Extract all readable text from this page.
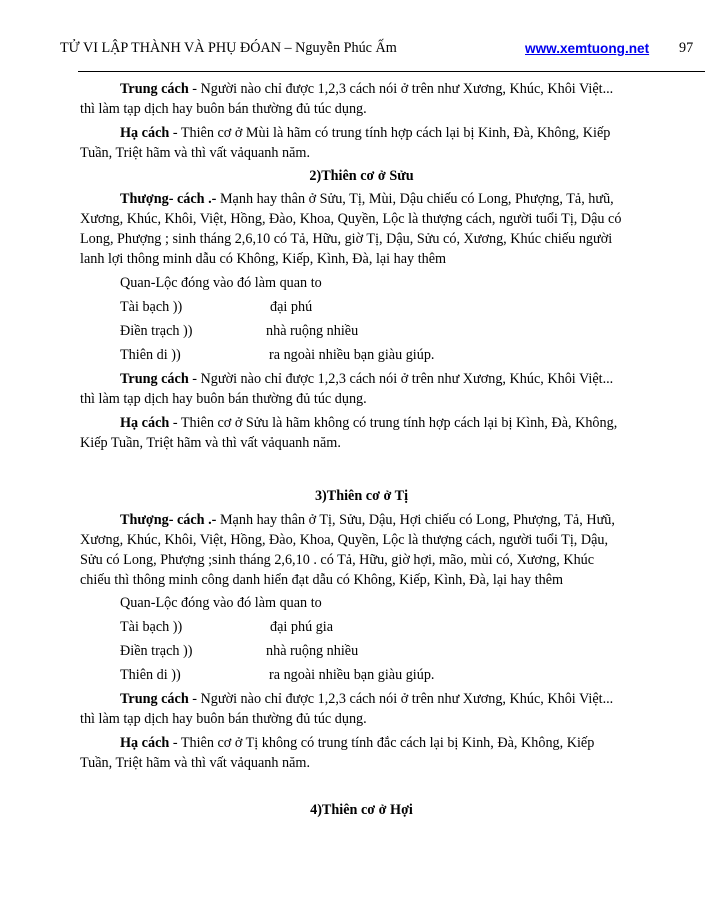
TỬ VI LẬP THÀNH VÀ PHỤ ĐÓAN – Nguyễn Phúc Ấm	www.xemtuong.net 97
Trung cách - Người nào chỉ được 1,2,3 cách nói ở trên như Xương, Khúc, Khôi Việt...
thì làm tạp dịch hay buôn bán thường đủ túc dụng.
Hạ cách - Thiên cơ ở Mùi là hãm có trung tính hợp cách lại bị Kinh, Đà, Không, Kiếp
Tuần, Triệt hãm và thì vất vảquanh năm.
2)Thiên cơ ở Sửu
Thượng- cách .- Mạnh hay thân ở Sửu, Tị, Mùi, Dậu chiếu có Long, Phượng, Tả, hưũ,
Xương, Khúc, Khôi, Việt, Hồng, Đào, Khoa, Quyền, Lộc là thượng cách, người tuổi Tị, Dậu có
Long, Phượng ; sinh tháng 2,6,10 có Tả, Hữu, giờ Tị, Dậu, Sửu có, Xương, Khúc chiếu người
lanh lợi thông minh dẫu có Không, Kiếp, Kình, Đà, lại hay thêm
Quan-Lộc đóng vào đó làm quan to
Tài bạch ))	đại phú
Điền trạch ))	nhà ruộng nhiều
Thiên di ))	ra ngoài nhiều bạn giàu giúp.
Trung cách - Người nào chỉ được 1,2,3 cách nói ở trên như Xương, Khúc, Khôi Việt...
thì làm tạp dịch hay buôn bán thường đủ túc dụng.
Hạ cách - Thiên cơ ở Sửu là hãm không có trung tính hợp cách lại bị Kình, Đà, Không,
Kiếp Tuần, Triệt hãm và thì vất vảquanh năm.
3)Thiên cơ ở Tị
Thượng- cách .- Mạnh hay thân ở Tị, Sửu, Dậu, Hợi chiếu có Long, Phượng, Tả, Hưũ,
Xương, Khúc, Khôi, Việt, Hồng, Đào, Khoa, Quyền, Lộc là thượng cách, người tuổi Tị, Dậu,
Sửu có Long, Phượng ;sinh tháng 2,6,10 . có Tả, Hữu, giờ hợi, mão, mùi có, Xương, Khúc
chiếu thì thông minh công danh hiển đạt dẫu có Không, Kiếp, Kình, Đà, lại hay thêm
Quan-Lộc đóng vào đó làm quan to
Tài bạch ))	đại phú gia
Điền trạch ))	nhà ruộng nhiều
Thiên di ))	ra ngoài nhiều bạn giàu giúp.
Trung cách - Người nào chỉ được 1,2,3 cách nói ở trên như Xương, Khúc, Khôi Việt...
thì làm tạp dịch hay buôn bán thường đủ túc dụng.
Hạ cách - Thiên cơ ở Tị không có trung tính đắc cách lại bị Kinh, Đà, Không, Kiếp
Tuần, Triệt hãm và thì vất vảquanh năm.
4)Thiên cơ ở Hợi
